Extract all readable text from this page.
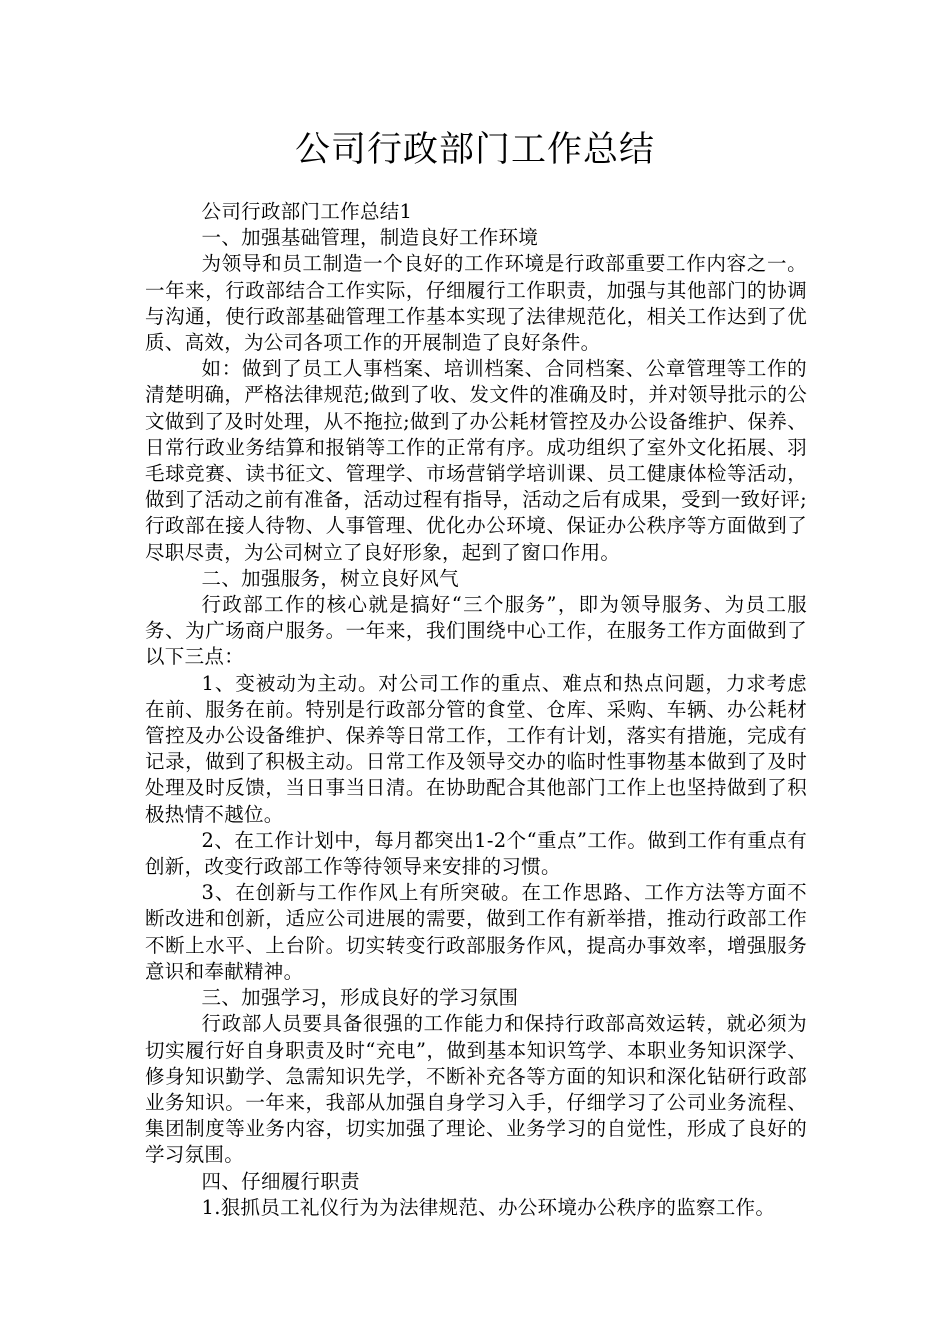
公司行政部门工作总结

公司行政部门工作总结1

一、加强基础管理，制造良好工作环境

为领导和员工制造一个良好的工作环境是行政部重要工作内容之一。一年来，行政部结合工作实际，仔细履行工作职责，加强与其他部门的协调与沟通，使行政部基础管理工作基本实现了法律规范化，相关工作达到了优质、高效，为公司各项工作的开展制造了良好条件。

如：做到了员工人事档案、培训档案、合同档案、公章管理等工作的清楚明确，严格法律规范;做到了收、发文件的准确及时，并对领导批示的公文做到了及时处理，从不拖拉;做到了办公耗材管控及办公设备维护、保养、日常行政业务结算和报销等工作的正常有序。成功组织了室外文化拓展、羽毛球竞赛、读书征文、管理学、市场营销学培训课、员工健康体检等活动，做到了活动之前有准备，活动过程有指导，活动之后有成果，受到一致好评;行政部在接人待物、人事管理、优化办公环境、保证办公秩序等方面做到了尽职尽责，为公司树立了良好形象，起到了窗口作用。

二、加强服务，树立良好风气

行政部工作的核心就是搞好“三个服务”，即为领导服务、为员工服务、为广场商户服务。一年来，我们围绕中心工作，在服务工作方面做到了以下三点：

1、变被动为主动。对公司工作的重点、难点和热点问题，力求考虑在前、服务在前。特别是行政部分管的食堂、仓库、采购、车辆、办公耗材管控及办公设备维护、保养等日常工作，工作有计划，落实有措施，完成有记录，做到了积极主动。日常工作及领导交办的临时性事物基本做到了及时处理及时反馈，当日事当日清。在协助配合其他部门工作上也坚持做到了积极热情不越位。

2、在工作计划中，每月都突出1-2个“重点”工作。做到工作有重点有创新，改变行政部工作等待领导来安排的习惯。

3、在创新与工作作风上有所突破。在工作思路、工作方法等方面不断改进和创新，适应公司进展的需要，做到工作有新举措，推动行政部工作不断上水平、上台阶。切实转变行政部服务作风，提高办事效率，增强服务意识和奉献精神。

三、加强学习，形成良好的学习氛围

行政部人员要具备很强的工作能力和保持行政部高效运转，就必须为切实履行好自身职责及时“充电”，做到基本知识笃学、本职业务知识深学、修身知识勤学、急需知识先学，不断补充各等方面的知识和深化钻研行政部业务知识。一年来，我部从加强自身学习入手，仔细学习了公司业务流程、集团制度等业务内容，切实加强了理论、业务学习的自觉性，形成了良好的学习氛围。

四、仔细履行职责

1.狠抓员工礼仪行为为法律规范、办公环境办公秩序的监察工作。
